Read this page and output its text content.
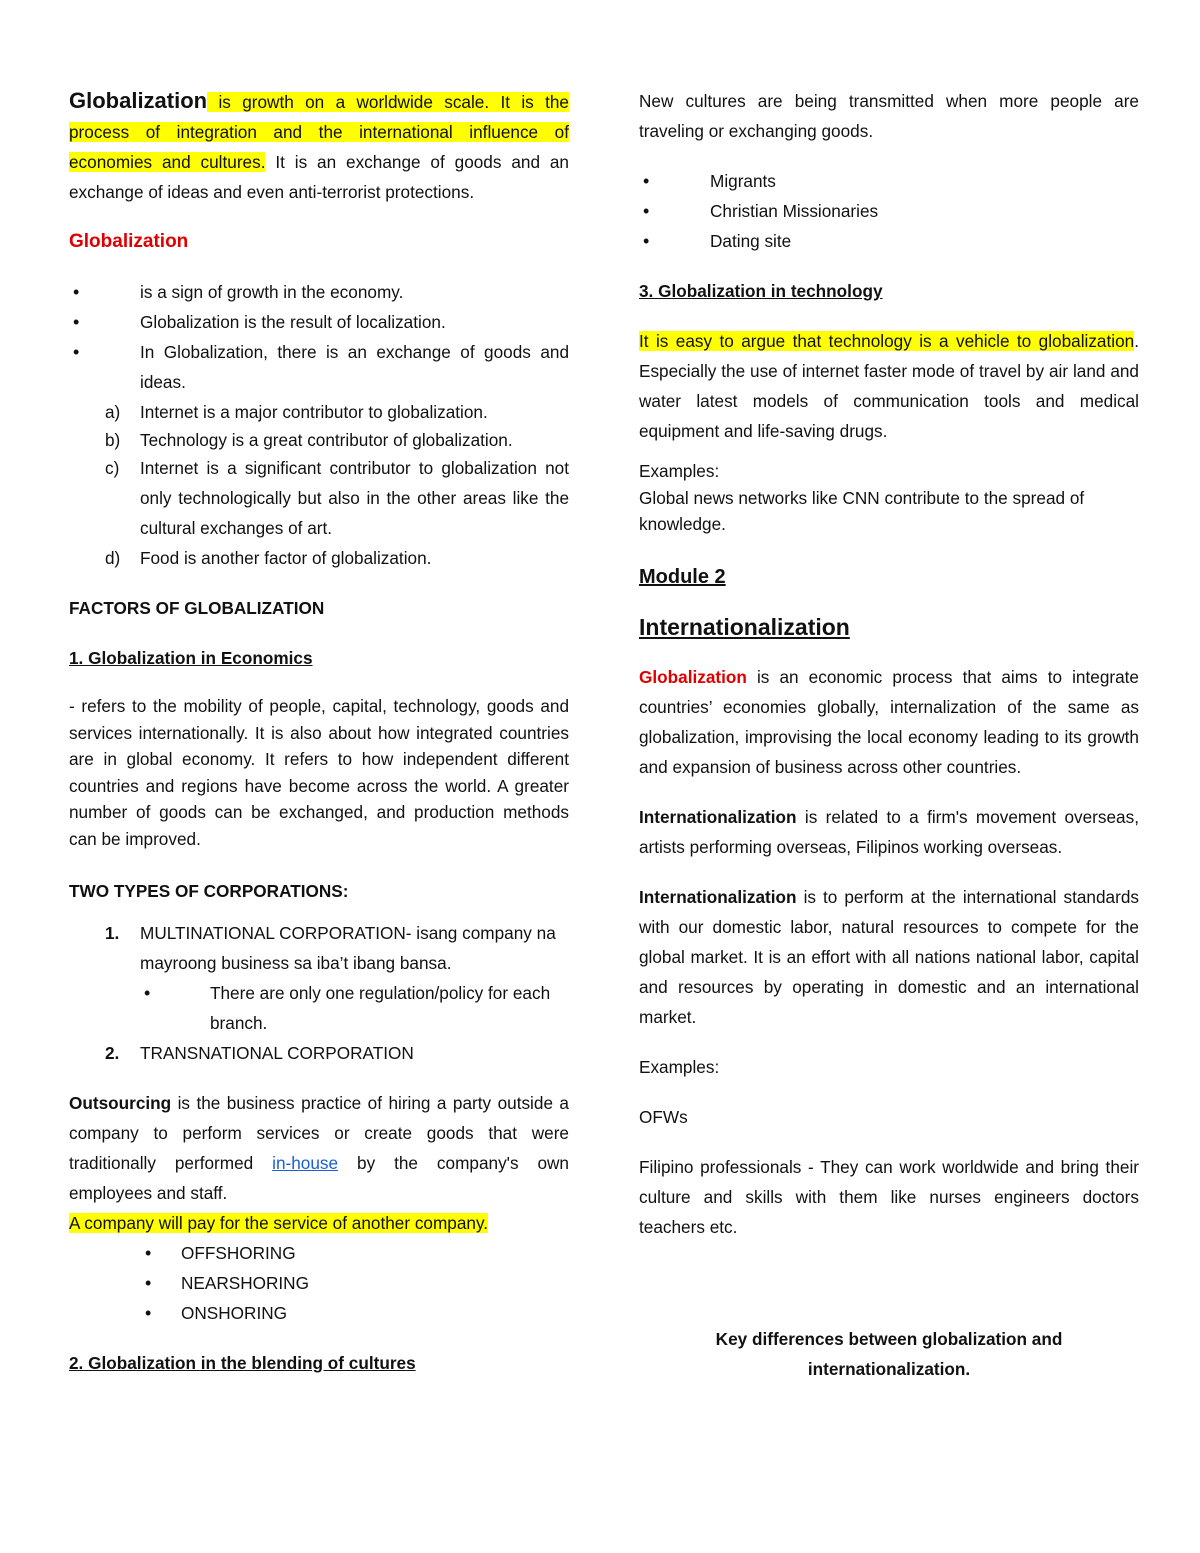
Globalization is growth on a worldwide scale. It is the process of integration and the international influence of economies and cultures. It is an exchange of goods and an exchange of ideas and even anti-terrorist protections.

Globalization

• is a sign of growth in the economy.
• Globalization is the result of localization.
• In Globalization, there is an exchange of goods and ideas.
a) Internet is a major contributor to globalization.
b) Technology is a great contributor of globalization.
c) Internet is a significant contributor to globalization not only technologically but also in the other areas like the cultural exchanges of art.
d) Food is another factor of globalization.

FACTORS OF GLOBALIZATION

1. Globalization in Economics

- refers to the mobility of people, capital, technology, goods and services internationally. It is also about how integrated countries are in global economy. It refers to how independent different countries and regions have become across the world. A greater number of goods can be exchanged, and production methods can be improved.

TWO TYPES OF CORPORATIONS:

1. MULTINATIONAL CORPORATION- isang company na mayroong business sa iba’t ibang bansa.
• There are only one regulation/policy for each branch.
2. TRANSNATIONAL CORPORATION

Outsourcing is the business practice of hiring a party outside a company to perform services or create goods that were traditionally performed in-house by the company's own employees and staff.

A company will pay for the service of another company.

• OFFSHORING
• NEARSHORING
• ONSHORING

2. Globalization in the blending of cultures

New cultures are being transmitted when more people are traveling or exchanging goods.

• Migrants
• Christian Missionaries
• Dating site

3. Globalization in technology

It is easy to argue that technology is a vehicle to globalization. Especially the use of internet faster mode of travel by air land and water latest models of communication tools and medical equipment and life-saving drugs.

Examples:

Global news networks like CNN contribute to the spread of knowledge.

Module 2

Internationalization

Globalization is an economic process that aims to integrate countries’ economies globally, internalization of the same as globalization, improvising the local economy leading to its growth and expansion of business across other countries.

Internationalization is related to a firm's movement overseas, artists performing overseas, Filipinos working overseas.

Internationalization is to perform at the international standards with our domestic labor, natural resources to compete for the global market. It is an effort with all nations national labor, capital and resources by operating in domestic and an international market.

Examples:

OFWs

Filipino professionals - They can work worldwide and bring their culture and skills with them like nurses engineers doctors teachers etc.

Key differences between globalization and internationalization.
